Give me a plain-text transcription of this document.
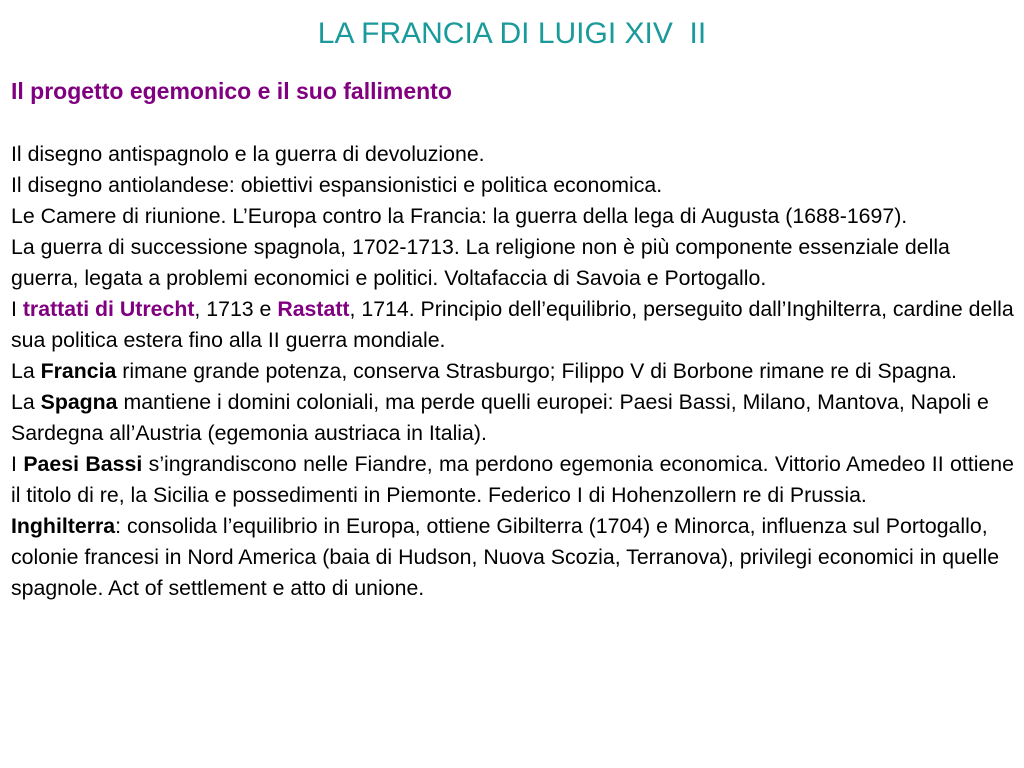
LA FRANCIA DI LUIGI XIV  II
Il progetto egemonico e il suo fallimento

Il disegno antispagnolo e la guerra di devoluzione.

Il disegno antiolandese: obiettivi espansionistici e politica economica.

Le Camere di riunione. L’Europa contro la Francia: la guerra della lega di Augusta (1688-1697).

La guerra di successione spagnola, 1702-1713. La religione non è più componente essenziale della guerra, legata a problemi economici e politici. Voltafaccia di Savoia e Portogallo.

I trattati di Utrecht, 1713 e Rastatt, 1714. Principio dell’equilibrio, perseguito dall’Inghilterra, cardine della sua politica estera fino alla II guerra mondiale.

La Francia rimane grande potenza, conserva Strasburgo; Filippo V di Borbone rimane re di Spagna.

La Spagna mantiene i domini coloniali, ma perde quelli europei: Paesi Bassi, Milano, Mantova, Napoli e Sardegna all’Austria (egemonia austriaca in Italia).

I Paesi Bassi s’ingrandiscono nelle Fiandre, ma perdono egemonia economica. Vittorio Amedeo II ottiene il titolo di re, la Sicilia e possedimenti in Piemonte. Federico I di Hohenzollern re di Prussia.

Inghilterra: consolida l’equilibrio in Europa, ottiene Gibilterra (1704) e Minorca, influenza sul Portogallo, colonie francesi in Nord America (baia di Hudson, Nuova Scozia, Terranova), privilegi economici in quelle spagnole. Act of settlement e atto di unione.
